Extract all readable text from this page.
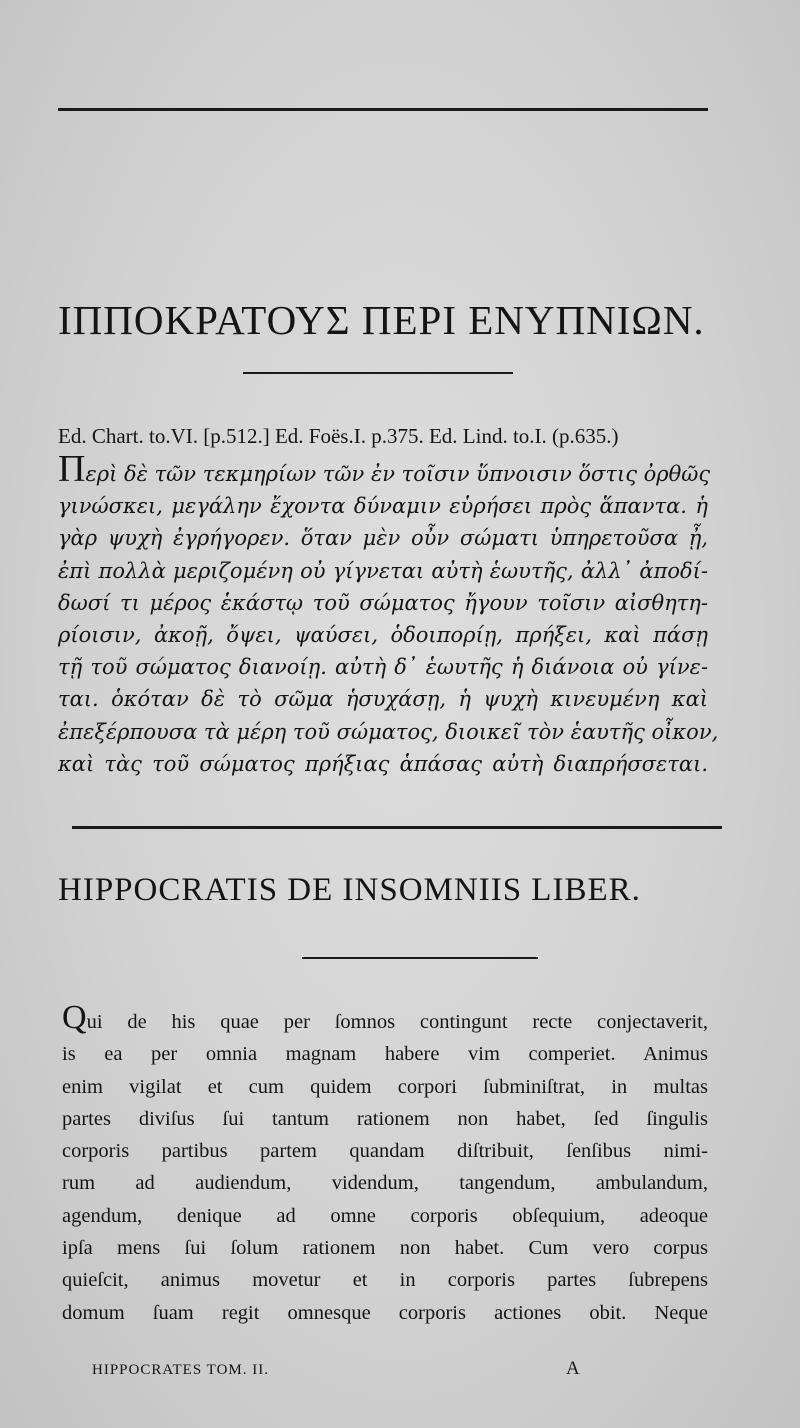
ΙΠΠΟΚΡΑΤΟΥΣ ΠΕΡΙ ΕΝΥΠΝΙΩΝ.
Ed. Chart. to.VI. [p.512.] Ed. Foës.I. p.375. Ed. Lind. to.I. (p.635.)
Περὶ δὲ τῶν τεκμηρίων τῶν ἐν τοῖσιν ὕπνοισιν ὅστις ὀρθῶς
γινώσκει, μεγάλην ἔχοντα δύναμιν εὑρήσει πρὸς ἅπαντα. ἡ
γὰρ ψυχὴ ἐγρήγορεν. ὅταν μὲν οὖν σώματι ὑπηρετοῦσα ᾖ,
ἐπὶ πολλὰ μεριζομένη οὐ γίγνεται αὐτὴ ἑωυτῆς, ἀλλ᾽ ἀποδί-
δωσί τι μέρος ἑκάστῳ τοῦ σώματος ἤγουν τοῖσιν αἰσθητη-
ρίοισιν, ἀκοῇ, ὄψει, ψαύσει, ὁδοιπορίῃ, πρήξει, καὶ πάσῃ
τῇ τοῦ σώματος διανοίῃ. αὐτὴ δ᾽ ἑωυτῆς ἡ διάνοια οὐ γίνε-
ται. ὁκόταν δὲ τὸ σῶμα ἡσυχάσῃ, ἡ ψυχὴ κινευμένη καὶ
ἐπεξέρπουσα τὰ μέρη τοῦ σώματος, διοικεῖ τὸν ἑαυτῆς οἶκον,
καὶ τὰς τοῦ σώματος πρήξιας ἁπάσας αὐτὴ διαπρήσσεται.
HIPPOCRATIS DE INSOMNIIS LIBER.
Qui de his quae per ſomnos contingunt recte conjectaverit,
is ea per omnia magnam habere vim comperiet. Animus
enim vigilat et cum quidem corpori ſubminiſtrat, in multas
partes diviſus ſui tantum rationem non habet, ſed ſingulis
corporis partibus partem quandam diſtribuit, ſenſibus nimi-
rum ad audiendum, videndum, tangendum, ambulandum,
agendum, denique ad omne corporis obſequium, adeoque
ipſa mens ſui ſolum rationem non habet. Cum vero corpus
quieſcit, animus movetur et in corporis partes ſubrepens
domum ſuam regit omnesque corporis actiones obit. Neque
HIPPOCRATES TOM. II.	A
